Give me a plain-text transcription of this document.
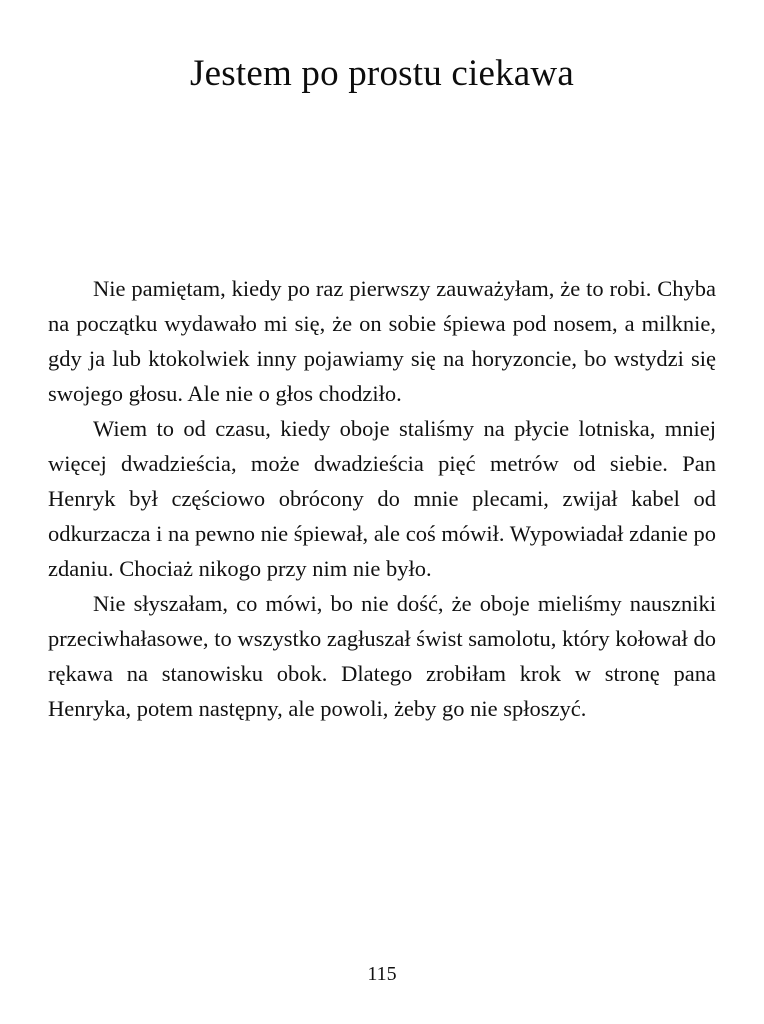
Jestem po prostu ciekawa

Nie pamiętam, kiedy po raz pierwszy zauważyłam, że to robi. Chyba na początku wydawało mi się, że on sobie śpiewa pod nosem, a milknie, gdy ja lub ktokolwiek inny pojawiamy się na horyzoncie, bo wstydzi się swojego głosu. Ale nie o głos chodziło.

Wiem to od czasu, kiedy oboje staliśmy na płycie lotniska, mniej więcej dwadzieścia, może dwadzieścia pięć metrów od siebie. Pan Henryk był częściowo obrócony do mnie plecami, zwijał kabel od odkurzacza i na pewno nie śpiewał, ale coś mówił. Wypowiadał zdanie po zdaniu. Chociaż nikogo przy nim nie było.

Nie słyszałam, co mówi, bo nie dość, że oboje mieliśmy nauszniki przeciwhałasowe, to wszystko zagłuszał świst samolotu, który kołował do rękawa na stanowisku obok. Dlatego zrobiłam krok w stronę pana Henryka, potem następny, ale powoli, żeby go nie spłoszyć.

115
